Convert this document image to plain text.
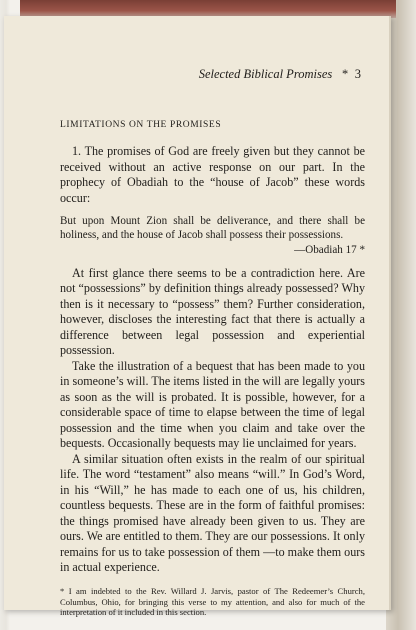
Selected Biblical Promises * 3
LIMITATIONS ON THE PROMISES

1. The promises of God are freely given but they cannot be received without an active response on our part. In the prophecy of Obadiah to the “house of Jacob” these words occur:

But upon Mount Zion shall be deliverance, and there shall be holiness, and the house of Jacob shall possess their possessions.

—Obadiah 17 *

At first glance there seems to be a contradiction here. Are not “possessions” by definition things already possessed? Why then is it necessary to “possess” them? Further consideration, however, discloses the interesting fact that there is actually a difference between legal possession and experiential possession.

Take the illustration of a bequest that has been made to you in someone’s will. The items listed in the will are legally yours as soon as the will is probated. It is possible, however, for a considerable space of time to elapse between the time of legal possession and the time when you claim and take over the bequests. Occasionally bequests may lie unclaimed for years.

A similar situation often exists in the realm of our spiritual life. The word “testament” also means “will.” In God’s Word, in his “Will,” he has made to each one of us, his children, countless bequests. These are in the form of faithful promises: the things promised have already been given to us. They are ours. We are entitled to them. They are our possessions. It only remains for us to take possession of them —to make them ours in actual experience.

* I am indebted to the Rev. Willard J. Jarvis, pastor of The Redeemer’s Church, Columbus, Ohio, for bringing this verse to my attention, and also for much of the interpretation of it included in this section.
